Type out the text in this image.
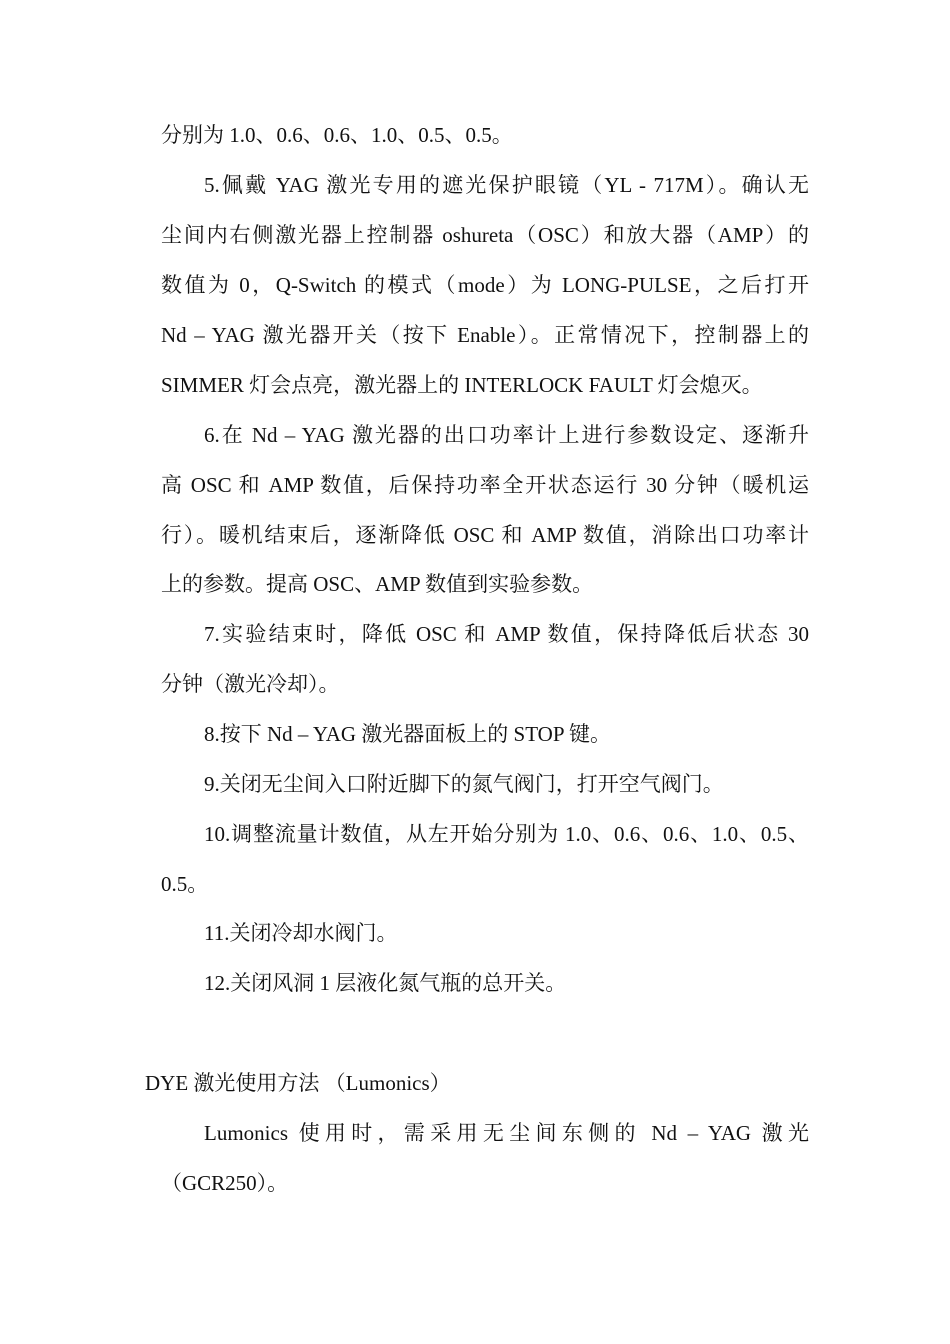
分别为 1.0、0.6、0.6、1.0、0.5、0.5。
5.佩戴 YAG 激光专用的遮光保护眼镜（YL - 717M）。确认无
尘间内右侧激光器上控制器 oshureta（OSC）和放大器（AMP）的
数值为 0，Q-Switch 的模式（mode）为 LONG-PULSE，之后打开
Nd – YAG 激光器开关（按下 Enable）。正常情况下，控制器上的
SIMMER 灯会点亮，激光器上的 INTERLOCK FAULT 灯会熄灭。
6.在 Nd – YAG 激光器的出口功率计上进行参数设定、逐渐升
高 OSC 和 AMP 数值，后保持功率全开状态运行 30 分钟（暖机运
行）。暖机结束后，逐渐降低 OSC 和 AMP 数值，消除出口功率计
上的参数。提高 OSC、AMP 数值到实验参数。
7.实验结束时，降低 OSC 和 AMP 数值，保持降低后状态 30
分钟（激光冷却）。
8.按下 Nd – YAG 激光器面板上的 STOP 键。
9.关闭无尘间入口附近脚下的氮气阀门，打开空气阀门。
10.调整流量计数值，从左开始分别为 1.0、0.6、0.6、1.0、0.5、
0.5。
11.关闭冷却水阀门。
12.关闭风洞 1 层液化氮气瓶的总开关。
DYE 激光使用方法 （Lumonics）
Lumonics 使用时，需采用无尘间东侧的 Nd – YAG 激光
（GCR250）。
